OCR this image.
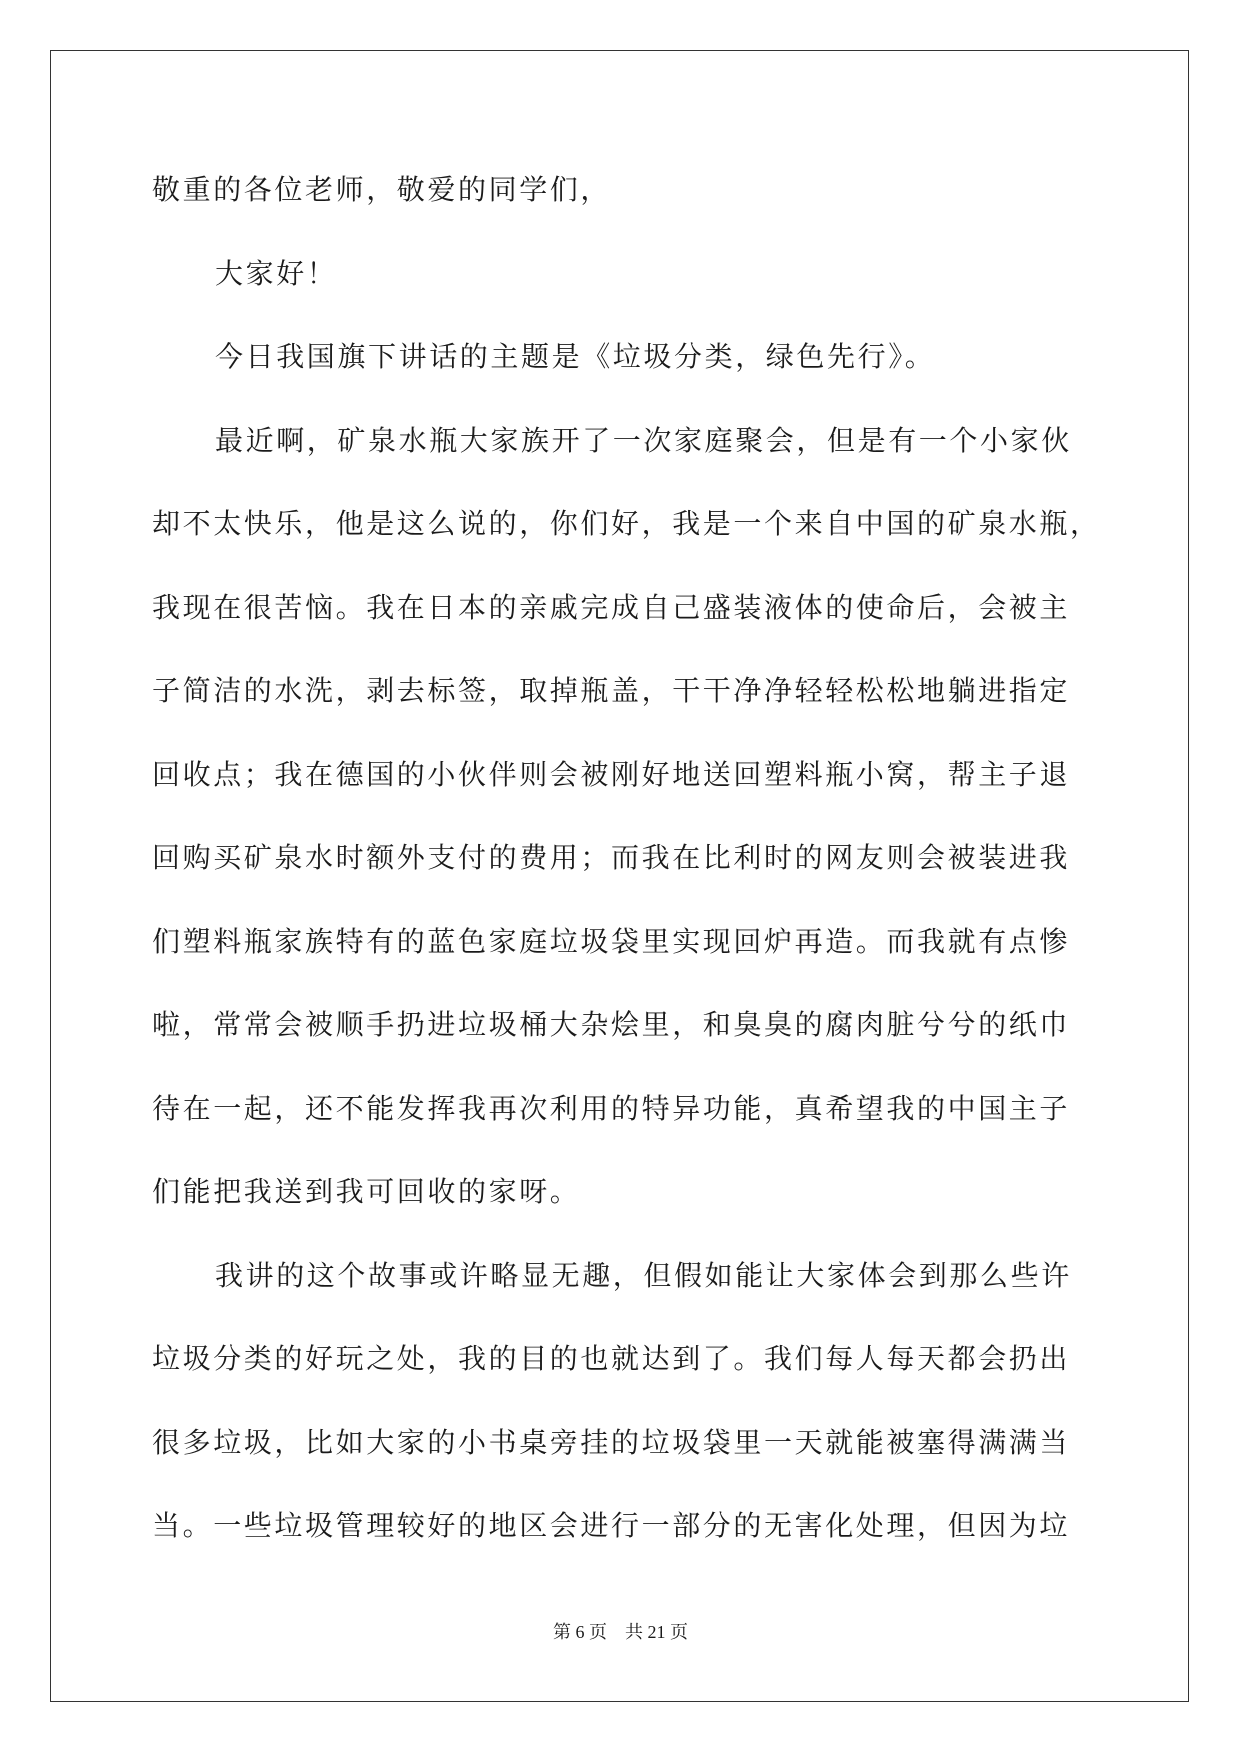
敬重的各位老师，敬爱的同学们，
大家好！
今日我国旗下讲话的主题是《垃圾分类，绿色先行》。
最近啊，矿泉水瓶大家族开了一次家庭聚会，但是有一个小家伙
却不太快乐，他是这么说的，你们好，我是一个来自中国的矿泉水瓶，
我现在很苦恼。我在日本的亲戚完成自己盛装液体的使命后，会被主
子简洁的水洗，剥去标签，取掉瓶盖，干干净净轻轻松松地躺进指定
回收点；我在德国的小伙伴则会被刚好地送回塑料瓶小窝，帮主子退
回购买矿泉水时额外支付的费用；而我在比利时的网友则会被装进我
们塑料瓶家族特有的蓝色家庭垃圾袋里实现回炉再造。而我就有点惨
啦，常常会被顺手扔进垃圾桶大杂烩里，和臭臭的腐肉脏兮兮的纸巾
待在一起，还不能发挥我再次利用的特异功能，真希望我的中国主子
们能把我送到我可回收的家呀。
我讲的这个故事或许略显无趣，但假如能让大家体会到那么些许
垃圾分类的好玩之处，我的目的也就达到了。我们每人每天都会扔出
很多垃圾，比如大家的小书桌旁挂的垃圾袋里一天就能被塞得满满当
当。一些垃圾管理较好的地区会进行一部分的无害化处理，但因为垃
第 6 页 共 21 页
